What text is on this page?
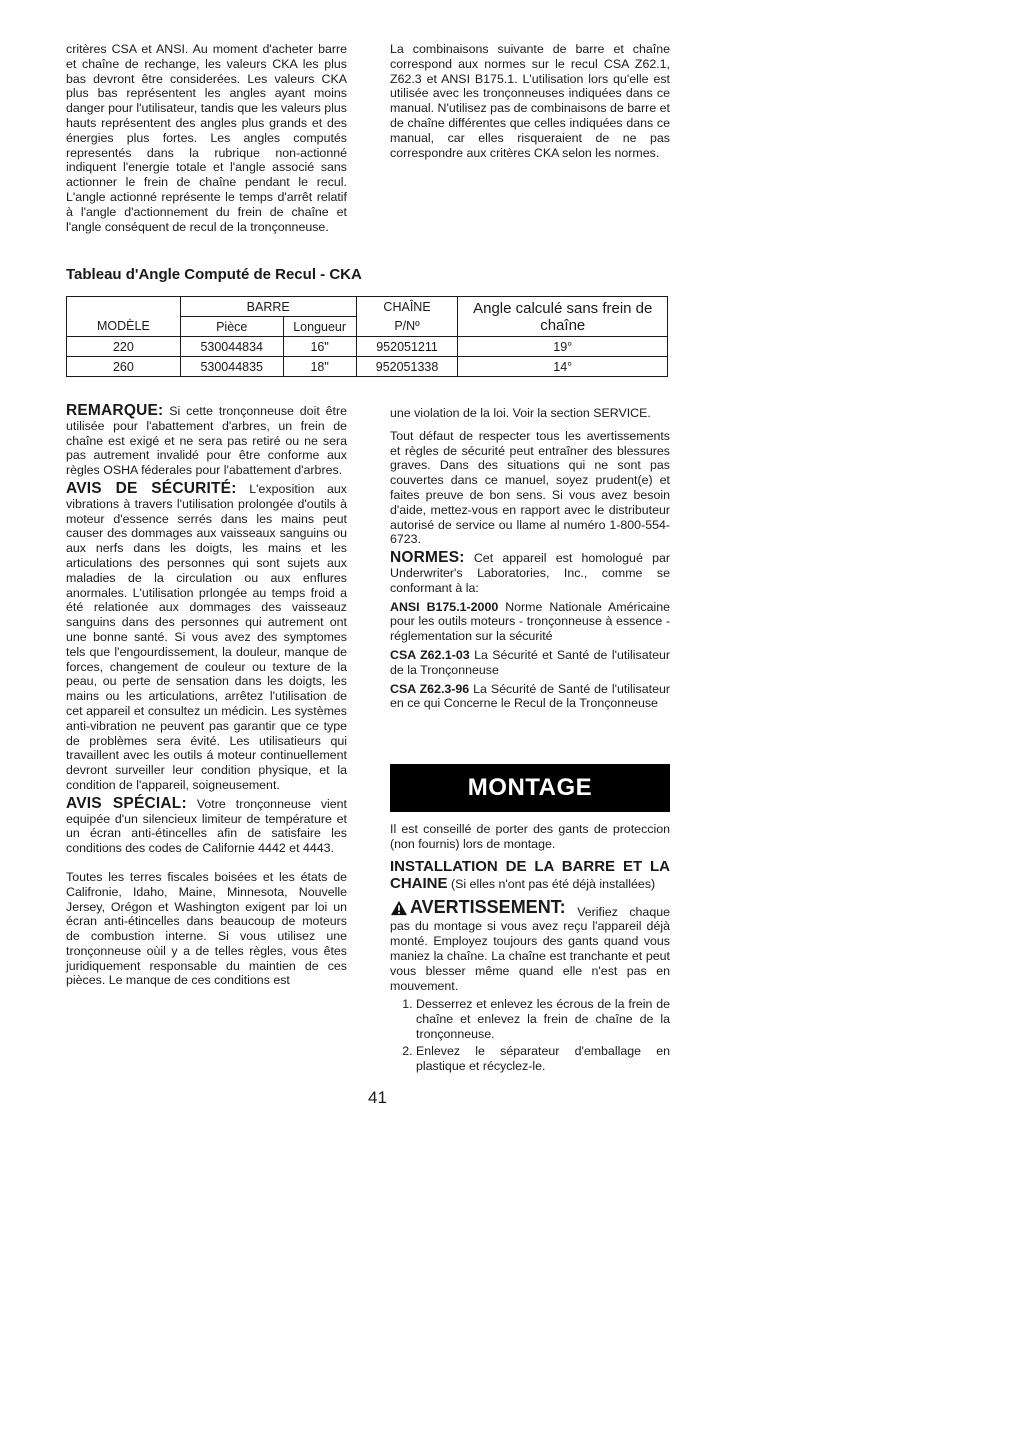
critères CSA et ANSI. Au moment d'acheter barre et chaîne de rechange, les valeurs CKA les plus bas devront être considerées. Les valeurs CKA plus bas représentent les angles ayant moins danger pour l'utilisateur, tandis que les valeurs plus hauts représentent des angles plus grands et des énergies plus fortes. Les angles computés representés dans la rubrique non-actionné indiquent l'energie totale et l'angle associé sans actionner le frein de chaîne pendant le recul. L'angle actionné représente le temps d'arrêt relatif à l'angle d'actionnement du frein de chaîne et l'angle conséquent de recul de la tronçonneuse.

La combinaisons suivante de barre et chaîne correspond aux normes sur le recul CSA Z62.1, Z62.3 et ANSI B175.1. L'utilisation lors qu'elle est utilisée avec les tronçonneuses indiquées dans ce manual. N'utilisez pas de combinaisons de barre et de chaîne différentes que celles indiquées dans ce manual, car elles risqueraient de ne pas correspondre aux critères CKA selon les normes.

Tableau d'Angle Computé de Recul - CKA
	BARRE		CHAÎNE	Angle calculé sans frein de chaîne
MODÈLE	Pièce	Longueur	P/Nº	
220	530044834	16"	952051211	19°
260	530044835	18"	952051338	14°

REMARQUE: Si cette tronçonneuse doit être utilisée pour l'abattement d'arbres, un frein de chaîne est exigé et ne sera pas retiré ou ne sera pas autrement invalidé pour être conforme aux règles OSHA féderales pour l'abattement d'arbres.

AVIS DE SÉCURITÉ: L'exposition aux vibrations à travers l'utilisation prolongée d'outils à moteur d'essence serrés dans les mains peut causer des dommages aux vaisseaux sanguins ou aux nerfs dans les doigts, les mains et les articulations des personnes qui sont sujets aux maladies de la circulation ou aux enflures anormales. L'utilisation prlongée au temps froid a été relationée aux dommages des vaisseauz sanguins dans des personnes qui autrement ont une bonne santé. Si vous avez des symptomes tels que l'engourdissement, la douleur, manque de forces, changement de couleur ou texture de la peau, ou perte de sensation dans les doigts, les mains ou les articulations, arrêtez l'utilisation de cet appareil et consultez un médicin. Les systèmes anti-vibration ne peuvent pas garantir que ce type de problèmes sera évité. Les utilisatieurs qui travaillent avec les outils á moteur continuellement devront surveiller leur condition physique, et la condition de l'appareil, soigneusement.

AVIS SPÉCIAL: Votre tronçonneuse vient equipée d'un silencieux limiteur de température et un écran anti-étincelles afin de satisfaire les conditions des codes de Californie 4442 et 4443.

Toutes les terres fiscales boisées et les états de Califronie, Idaho, Maine, Minnesota, Nouvelle Jersey, Orégon et Washington exigent par loi un écran anti-étincelles dans beaucoup de moteurs de combustion interne. Si vous utilisez une tronçonneuse oùil y a de telles règles, vous êtes juridiquement responsable du maintien de ces pièces. Le manque de ces conditions est

une violation de la loi. Voir la section SERVICE.

Tout défaut de respecter tous les avertissements et règles de sécurité peut entraîner des blessures graves. Dans des situations qui ne sont pas couvertes dans ce manuel, soyez prudent(e) et faites preuve de bon sens. Si vous avez besoin d'aide, mettez-vous en rapport avec le distributeur autorisé de service ou llame al numéro 1-800-554-6723.

NORMES: Cet appareil est homologué par Underwriter's Laboratories, Inc., comme se conformant à la:

ANSI B175.1-2000 Norme Nationale Américaine pour les outils moteurs - tronçonneuse à essence - réglementation sur la sécurité

CSA Z62.1-03 La Sécurité et Santé de l'utilisateur de la Tronçonneuse

CSA Z62.3-96 La Sécurité de Santé de l'utilisateur en ce qui Concerne le Recul de la Tronçonneuse

MONTAGE

Il est conseillé de porter des gants de proteccion (non fournis) lors de montage.

INSTALLATION DE LA BARRE ET LA CHAINE (Si elles n'ont pas été déjà installées)

AVERTISSEMENT: Verifiez chaque pas du montage si vous avez reçu l'appareil déjà monté. Employez toujours des gants quand vous maniez la chaîne. La chaîne est tranchante et peut vous blesser même quand elle n'est pas en mouvement.

1. Desserrez et enlevez les écrous de la frein de chaîne et enlevez la frein de chaîne de la tronçonneuse.
2. Enlevez le séparateur d'emballage en plastique et récyclez-le.
41
